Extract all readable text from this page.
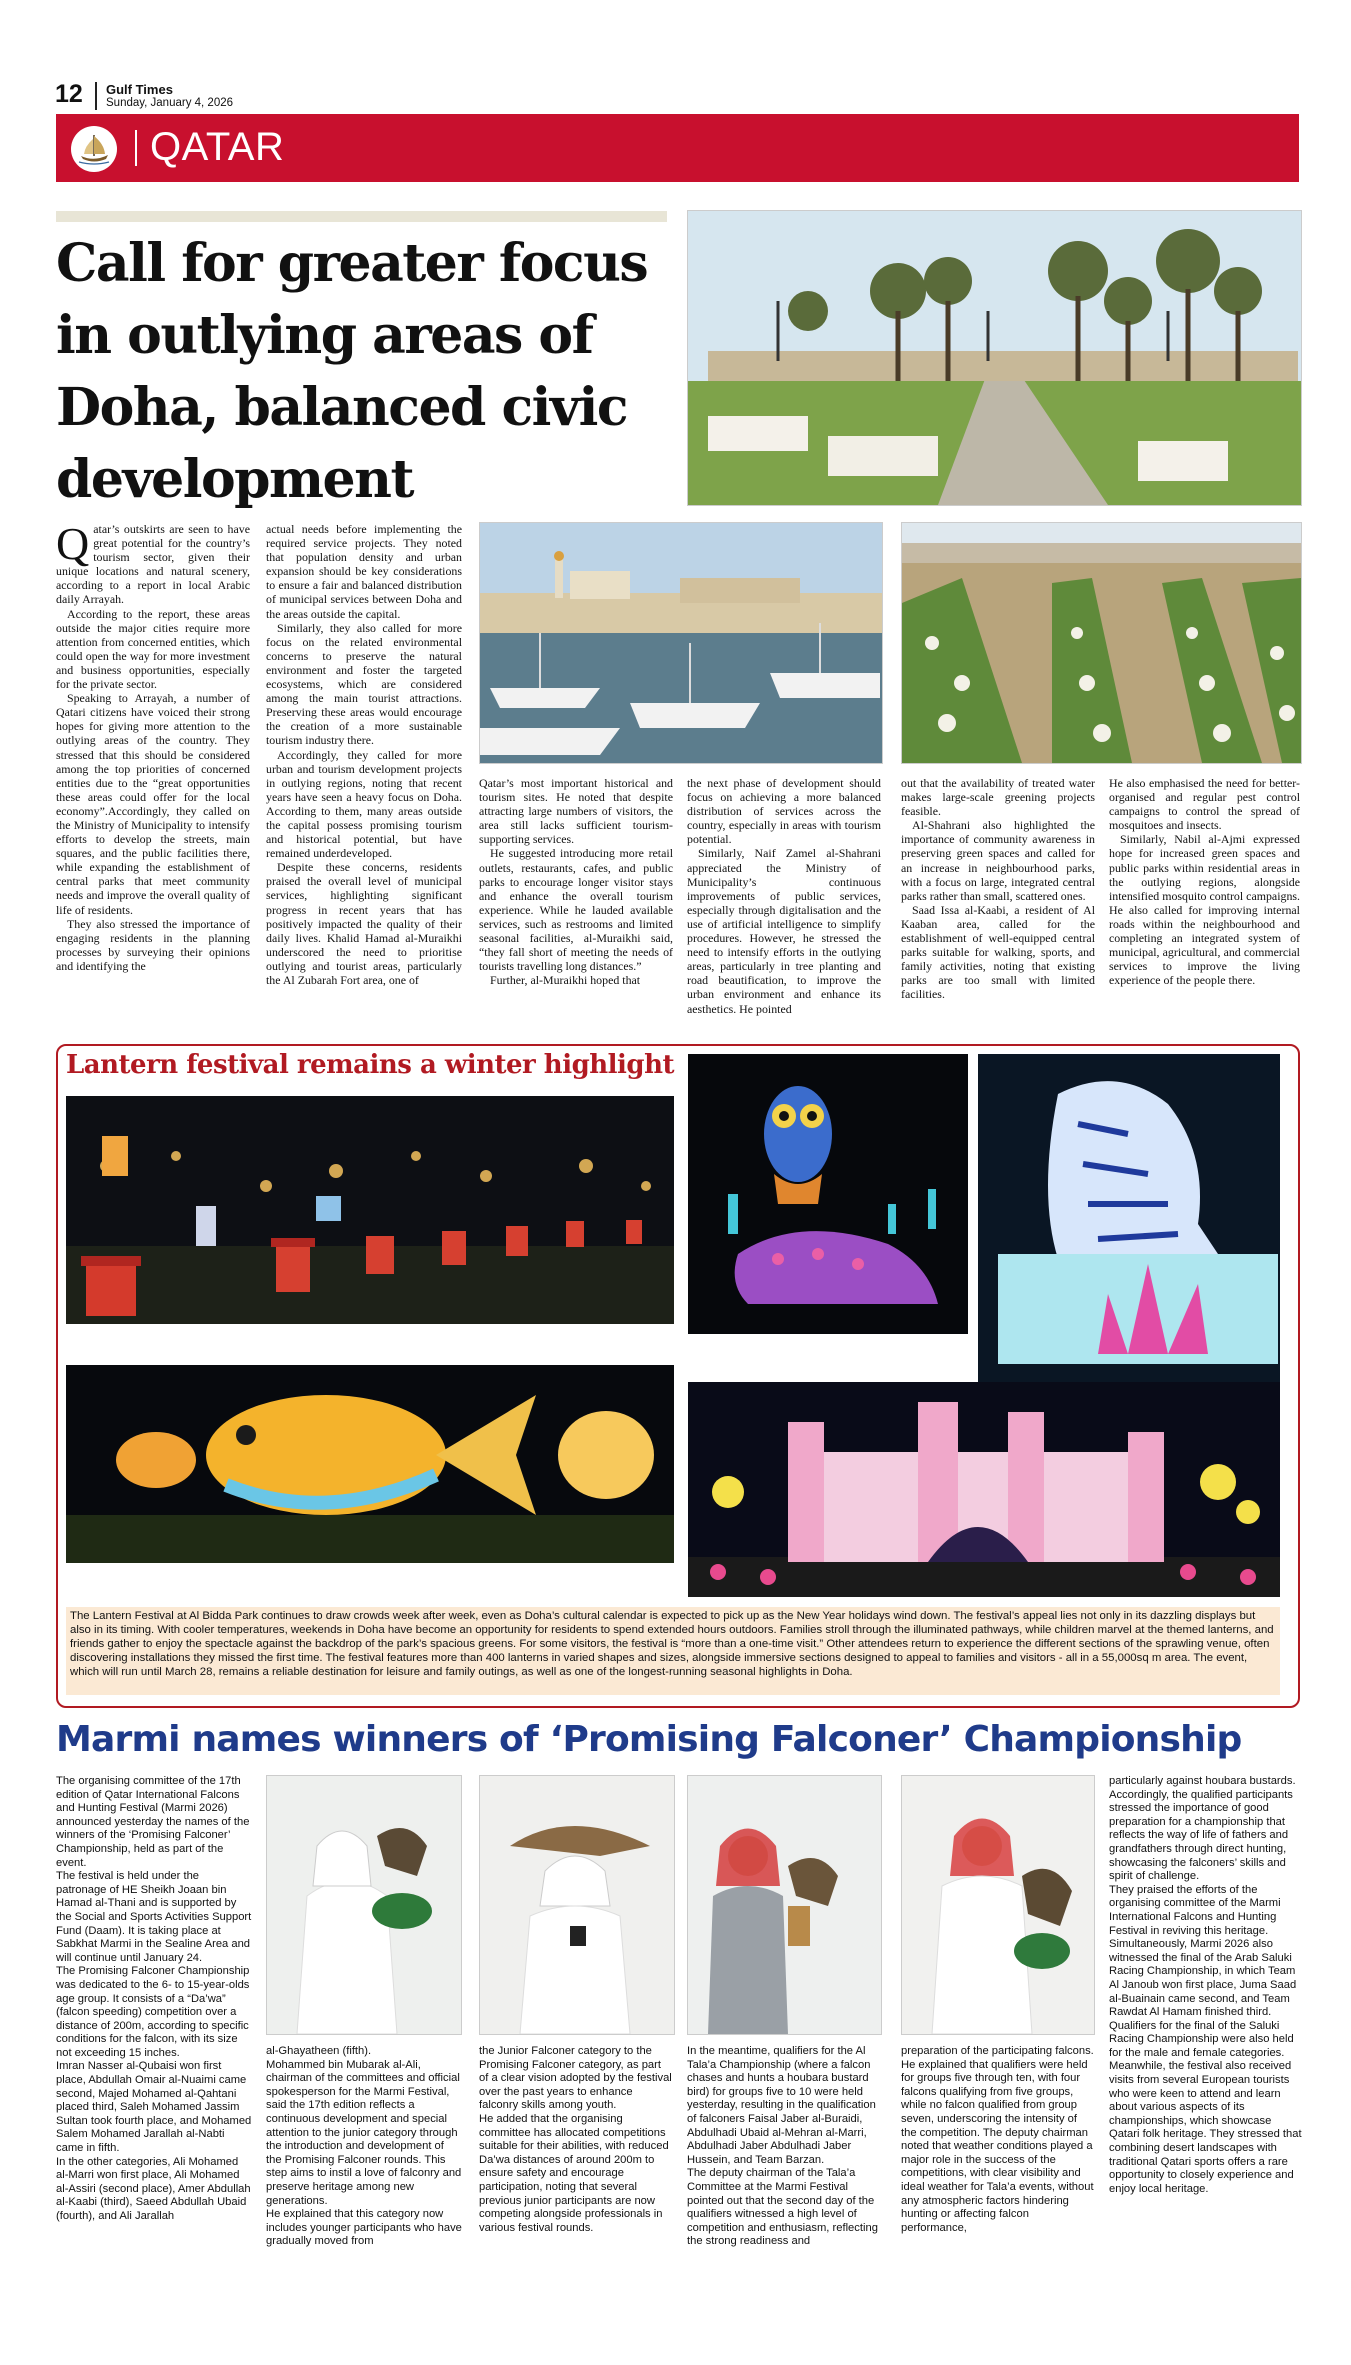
12 Gulf Times
Sunday, January 4, 2026
QATAR
Call for greater focus in outlying areas of Doha, balanced civic development
Q atar’s outskirts are seen to have great potential for the country’s tourism sector, given their unique locations and natural scenery, according to a report in local Arabic daily Arrayah.

According to the report, these areas outside the major cities require more attention from concerned entities, which could open the way for more investment and business opportunities, especially for the private sector.

Speaking to Arrayah, a number of Qatari citizens have voiced their strong hopes for giving more attention to the outlying areas of the country. They stressed that this should be considered among the top priorities of concerned entities due to the “great opportunities these areas could offer for the local economy”.Accordingly, they called on the Ministry of Municipality to intensify efforts to develop the streets, main squares, and the public facilities there, while expanding the establishment of central parks that meet community needs and improve the overall quality of life of residents.

They also stressed the importance of engaging residents in the planning processes by surveying their opinions and identifying the

actual needs before implementing the required service projects. They noted that population density and urban expansion should be key considerations to ensure a fair and balanced distribution of municipal services between Doha and the areas outside the capital.

Similarly, they also called for more focus on the related environmental concerns to preserve the natural environment and foster the targeted ecosystems, which are considered among the main tourist attractions. Preserving these areas would encourage the creation of a more sustainable tourism industry there.

Accordingly, they called for more urban and tourism development projects in outlying regions, noting that recent years have seen a heavy focus on Doha. According to them, many areas outside the capital possess promising tourism and historical potential, but have remained underdeveloped.

Despite these concerns, residents praised the overall level of municipal services, highlighting significant progress in recent years that has positively impacted the quality of their daily lives. Khalid Hamad al-Muraikhi underscored the need to prioritise outlying and tourist areas, particularly the Al Zubarah Fort area, one of

Qatar’s most important historical and tourism sites. He noted that despite attracting large numbers of visitors, the area still lacks sufficient tourism-supporting services.

He suggested introducing more retail outlets, restaurants, cafes, and public parks to encourage longer visitor stays and enhance the overall tourism experience. While he lauded available services, such as restrooms and limited seasonal facilities, al-Muraikhi said, “they fall short of meeting the needs of tourists travelling long distances.”

Further, al-Muraikhi hoped that

the next phase of development should focus on achieving a more balanced distribution of services across the country, especially in areas with tourism potential.

Similarly, Naif Zamel al-Shahrani appreciated the Ministry of Municipality’s continuous improvements of public services, especially through digitalisation and the use of artificial intelligence to simplify procedures. However, he stressed the need to intensify efforts in the outlying areas, particularly in tree planting and road beautification, to improve the urban environment and enhance its aesthetics. He pointed

out that the availability of treated water makes large-scale greening projects feasible.

Al-Shahrani also highlighted the importance of community awareness in preserving green spaces and called for an increase in neighbourhood parks, with a focus on large, integrated central parks rather than small, scattered ones.

Saad Issa al-Kaabi, a resident of Al Kaaban area, called for the establishment of well-equipped central parks suitable for walking, sports, and family activities, noting that existing parks are too small with limited facilities.

He also emphasised the need for better-organised and regular pest control campaigns to control the spread of mosquitoes and insects.

Similarly, Nabil al-Ajmi expressed hope for increased green spaces and public parks within residential areas in the outlying regions, alongside intensified mosquito control campaigns. He also called for improving internal roads within the neighbourhood and completing an integrated system of municipal, agricultural, and commercial services to improve the living experience of the people there.

Lantern festival remains a winter highlight
The Lantern Festival at Al Bidda Park continues to draw crowds week after week, even as Doha’s cultural calendar is expected to pick up as the New Year holidays wind down. The festival’s appeal lies not only in its dazzling displays but also in its timing. With cooler temperatures, weekends in Doha have become an opportunity for residents to spend extended hours outdoors. Families stroll through the illuminated pathways, while children marvel at the themed lanterns, and friends gather to enjoy the spectacle against the backdrop of the park’s spacious greens. For some visitors, the festival is “more than a one-time visit.” Other attendees return to experience the different sections of the sprawling venue, often discovering installations they missed the first time. The festival features more than 400 lanterns in varied shapes and sizes, alongside immersive sections designed to appeal to families and visitors - all in a 55,000sq m area. The event, which will run until March 28, remains a reliable destination for leisure and family outings, as well as one of the longest-running seasonal highlights in Doha.
Marmi names winners of ‘Promising Falconer’ Championship

The organising committee of the 17th edition of Qatar International Falcons and Hunting Festival (Marmi 2026) announced yesterday the names of the winners of the ‘Promising Falconer’ Championship, held as part of the event.

The festival is held under the patronage of HE Sheikh Joaan bin Hamad al-Thani and is supported by the Social and Sports Activities Support Fund (Daam). It is taking place at Sabkhat Marmi in the Sealine Area and will continue until January 24.

The Promising Falconer Championship was dedicated to the 6- to 15-year-olds age group. It consists of a “Da’wa” (falcon speeding) competition over a distance of 200m, according to specific conditions for the falcon, with its size not exceeding 15 inches.

Imran Nasser al-Qubaisi won first place, Abdullah Omair al-Nuaimi came second, Majed Mohamed al-Qahtani placed third, Saleh Mohamed Jassim Sultan took fourth place, and Mohamed Salem Mohamed Jarallah al-Nabti came in fifth.

In the other categories, Ali Mohamed al-Marri won first place, Ali Mohamed al-Assiri (second place), Amer Abdullah al-Kaabi (third), Saeed Abdullah Ubaid (fourth), and Ali Jarallah

al-Ghayatheen (fifth).

Mohammed bin Mubarak al-Ali, chairman of the committees and official spokesperson for the Marmi Festival, said the 17th edition reflects a continuous development and special attention to the junior category through the introduction and development of the Promising Falconer rounds. This step aims to instil a love of falconry and preserve heritage among new generations.

He explained that this category now includes younger participants who have gradually moved from

the Junior Falconer category to the Promising Falconer category, as part of a clear vision adopted by the festival over the past years to enhance falconry skills among youth.

He added that the organising committee has allocated competitions suitable for their abilities, with reduced Da’wa distances of around 200m to ensure safety and encourage participation, noting that several previous junior participants are now competing alongside professionals in various festival rounds.

In the meantime, qualifiers for the Al Tala’a Championship (where a falcon chases and hunts a houbara bustard bird) for groups five to 10 were held yesterday, resulting in the qualification of falconers Faisal Jaber al-Buraidi, Abdulhadi Ubaid al-Mehran al-Marri, Abdulhadi Jaber Abdulhadi Jaber Hussein, and Team Barzan.

The deputy chairman of the Tala’a Committee at the Marmi Festival pointed out that the second day of the qualifiers witnessed a high level of competition and enthusiasm, reflecting the strong readiness and

preparation of the participating falcons.

He explained that qualifiers were held for groups five through ten, with four falcons qualifying from five groups, while no falcon qualified from group seven, underscoring the intensity of the competition. The deputy chairman noted that weather conditions played a major role in the success of the competitions, with clear visibility and ideal weather for Tala’a events, without any atmospheric factors hindering hunting or affecting falcon performance,

particularly against houbara bustards.

Accordingly, the qualified participants stressed the importance of good preparation for a championship that reflects the way of life of fathers and grandfathers through direct hunting, showcasing the falconers’ skills and spirit of challenge.

They praised the efforts of the organising committee of the Marmi International Falcons and Hunting Festival in reviving this heritage.

Simultaneously, Marmi 2026 also witnessed the final of the Arab Saluki Racing Championship, in which Team Al Janoub won first place, Juma Saad al-Buainain came second, and Team Rawdat Al Hamam finished third.

Qualifiers for the final of the Saluki Racing Championship were also held for the male and female categories.

Meanwhile, the festival also received visits from several European tourists who were keen to attend and learn about various aspects of its championships, which showcase Qatari folk heritage. They stressed that combining desert landscapes with traditional Qatari sports offers a rare opportunity to closely experience and enjoy local heritage.
